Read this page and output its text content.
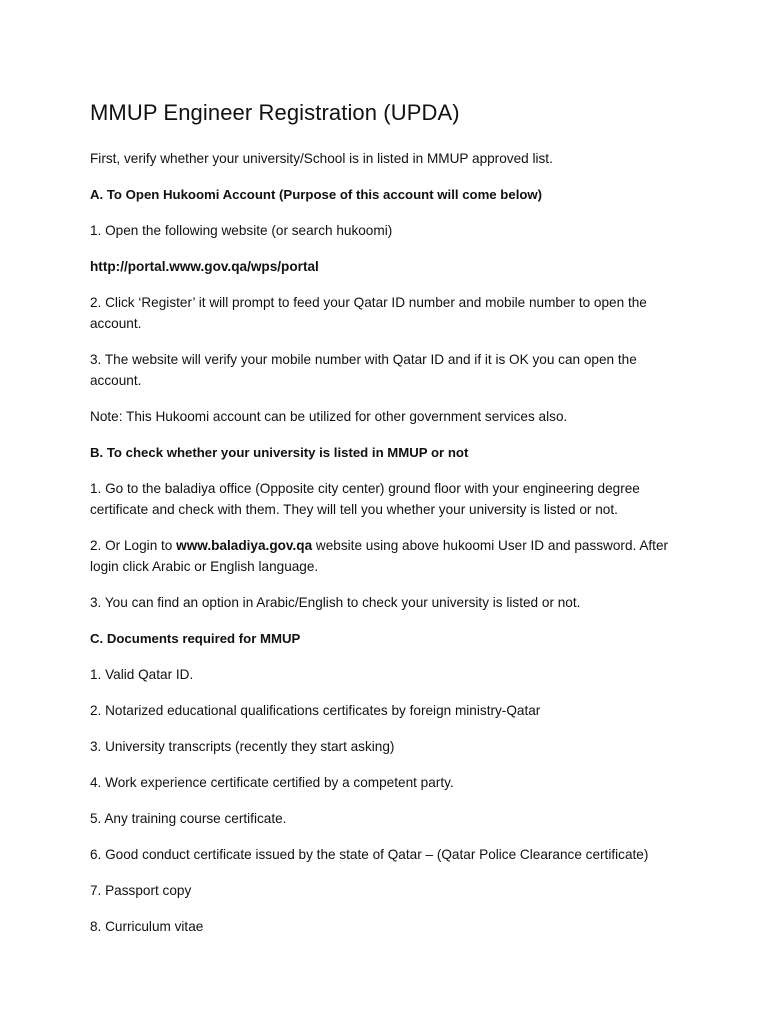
MMUP Engineer Registration (UPDA)

First, verify whether your university/School is in listed in MMUP approved list.

A. To Open Hukoomi Account (Purpose of this account will come below)

1. Open the following website (or search hukoomi)

http://portal.www.gov.qa/wps/portal

2. Click ‘Register’ it will prompt to feed your Qatar ID number and mobile number to open the account.

3. The website will verify your mobile number with Qatar ID and if it is OK you can open the account.

Note: This Hukoomi account can be utilized for other government services also.

B. To check whether your university is listed in MMUP or not

1. Go to the baladiya office (Opposite city center) ground floor with your engineering degree certificate and check with them. They will tell you whether your university is listed or not.

2. Or Login to www.baladiya.gov.qa website using above hukoomi User ID and password. After login click Arabic or English language.

3. You can find an option in Arabic/English to check your university is listed or not.

C. Documents required for MMUP

1. Valid Qatar ID.

2. Notarized educational qualifications certificates by foreign ministry-Qatar

3. University transcripts (recently they start asking)

4. Work experience certificate certified by a competent party.

5. Any training course certificate.

6. Good conduct certificate issued by the state of Qatar – (Qatar Police Clearance certificate)

7. Passport copy

8. Curriculum vitae
